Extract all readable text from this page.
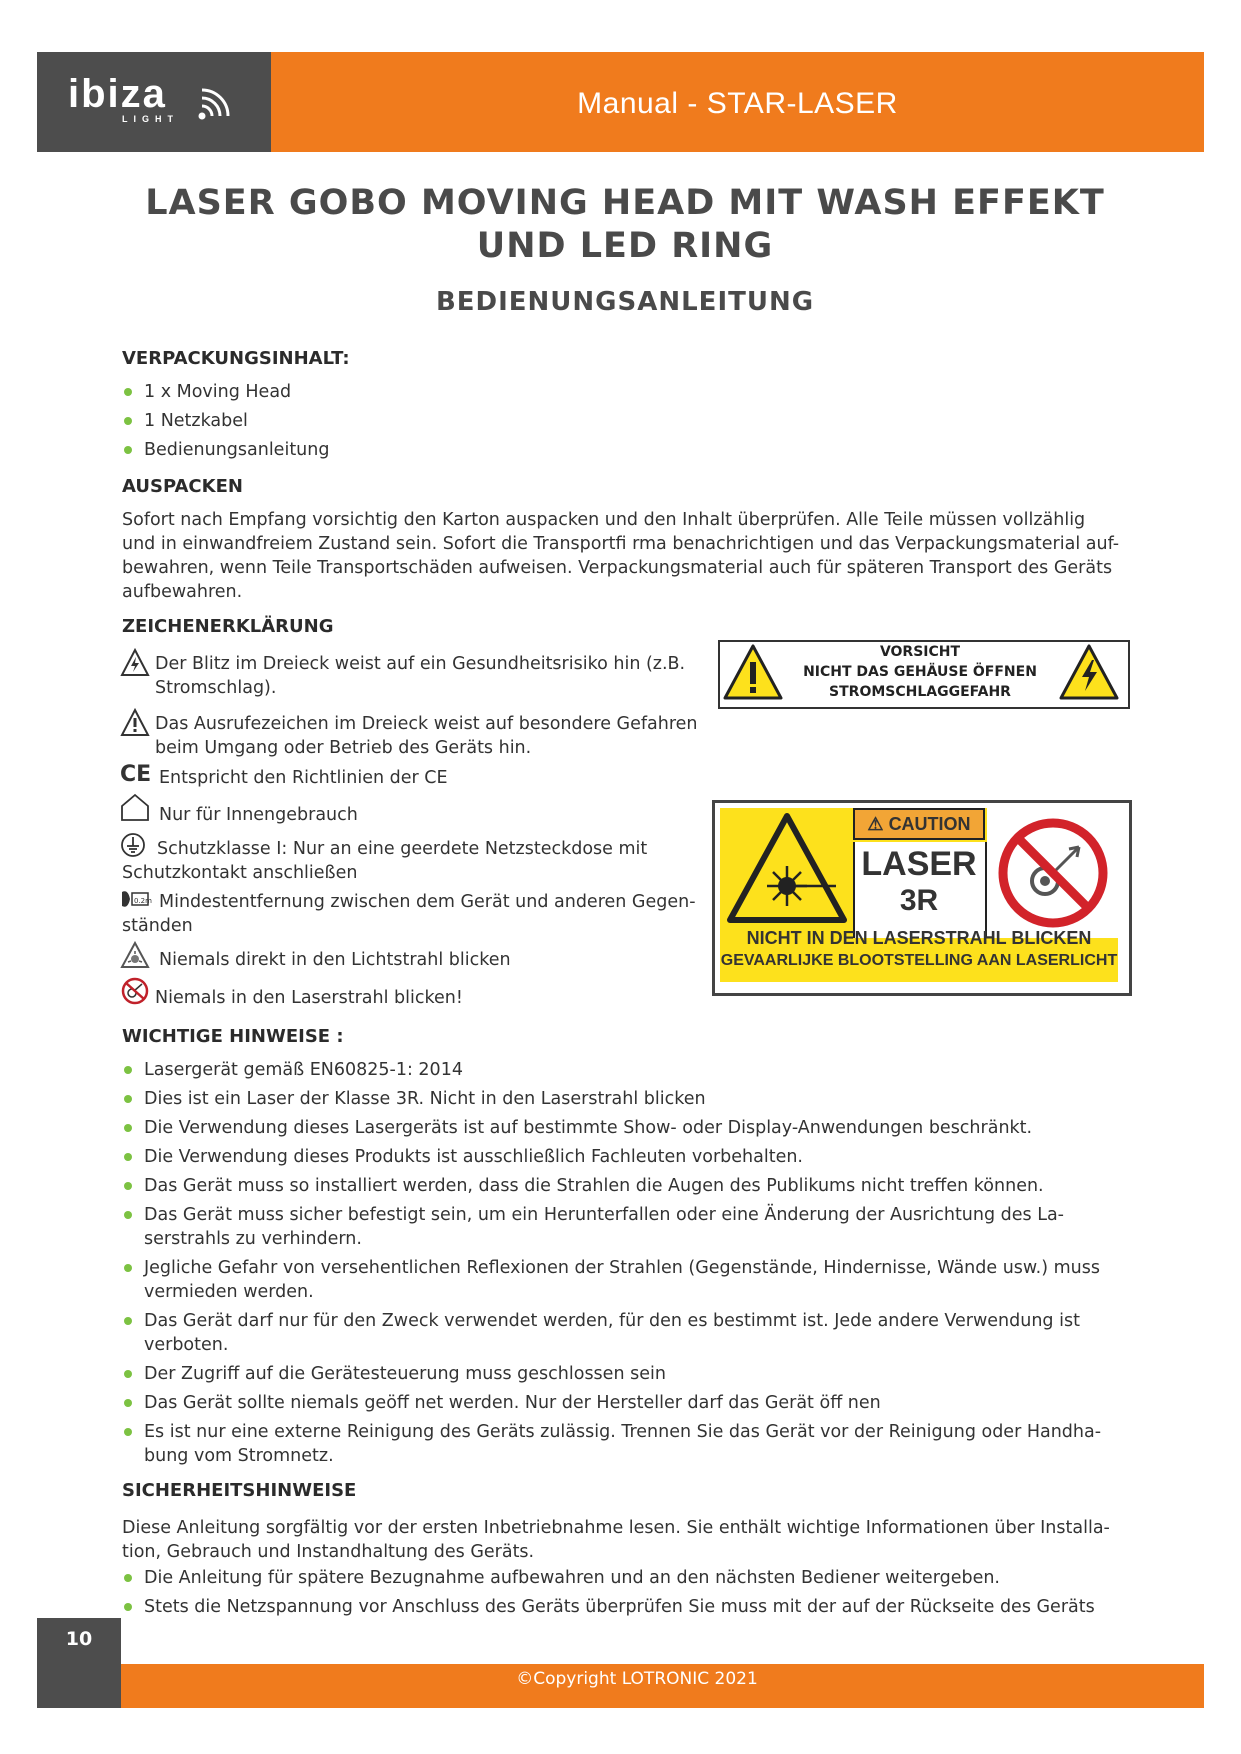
ibiza
LIGHT	Manual - STAR-LASER
LASER GOBO MOVING HEAD MIT WASH EFFEKT
UND LED RING
BEDIENUNGSANLEITUNG
VERPACKUNGSINHALT:
1 x Moving Head
1 Netzkabel
Bedienungsanleitung
AUSPACKEN
Sofort nach Empfang vorsichtig den Karton auspacken und den Inhalt überprüfen. Alle Teile müssen vollzählig
und in einwandfreiem Zustand sein. Sofort die Transportfi rma benachrichtigen und das Verpackungsmaterial auf-
bewahren, wenn Teile Transportschäden aufweisen. Verpackungsmaterial auch für späteren Transport des Geräts
aufbewahren.
ZEICHENERKLÄRUNG
Der Blitz im Dreieck weist auf ein Gesundheitsrisiko hin (z.B.
Stromschlag).
Das Ausrufezeichen im Dreieck weist auf besondere Gefahren
beim Umgang oder Betrieb des Geräts hin.
CE Entspricht den Richtlinien der CE
Nur für Innengebrauch
Schutzklasse I: Nur an eine geerdete Netzsteckdose mit
Schutzkontakt anschließen
0.2m Mindestentfernung zwischen dem Gerät und anderen Gegen-
ständen
Niemals direkt in den Lichtstrahl blicken
Niemals in den Laserstrahl blicken!
VORSICHT
NICHT DAS GEHÄUSE ÖFFNEN
STROMSCHLAGGEFAHR
⚠ CAUTION
LASER
3R
NICHT IN DEN LASERSTRAHL BLICKEN
GEVAARLIJKE BLOOTSTELLING AAN LASERLICHT
WICHTIGE HINWEISE :
Lasergerät gemäß EN60825-1: 2014
Dies ist ein Laser der Klasse 3R. Nicht in den Laserstrahl blicken
Die Verwendung dieses Lasergeräts ist auf bestimmte Show- oder Display-Anwendungen beschränkt.
Die Verwendung dieses Produkts ist ausschließlich Fachleuten vorbehalten.
Das Gerät muss so installiert werden, dass die Strahlen die Augen des Publikums nicht treffen können.
Das Gerät muss sicher befestigt sein, um ein Herunterfallen oder eine Änderung der Ausrichtung des La-
serstrahls zu verhindern.
Jegliche Gefahr von versehentlichen Reflexionen der Strahlen (Gegenstände, Hindernisse, Wände usw.) muss
vermieden werden.
Das Gerät darf nur für den Zweck verwendet werden, für den es bestimmt ist. Jede andere Verwendung ist
verboten.
Der Zugriff auf die Gerätesteuerung muss geschlossen sein
Das Gerät sollte niemals geöff net werden. Nur der Hersteller darf das Gerät öff nen
Es ist nur eine externe Reinigung des Geräts zulässig. Trennen Sie das Gerät vor der Reinigung oder Handha-
bung vom Stromnetz.
SICHERHEITSHINWEISE
Diese Anleitung sorgfältig vor der ersten Inbetriebnahme lesen. Sie enthält wichtige Informationen über Installa-
tion, Gebrauch und Instandhaltung des Geräts.
Die Anleitung für spätere Bezugnahme aufbewahren und an den nächsten Bediener weitergeben.
Stets die Netzspannung vor Anschluss des Geräts überprüfen Sie muss mit der auf der Rückseite des Geräts
©Copyright LOTRONIC 2021
10
